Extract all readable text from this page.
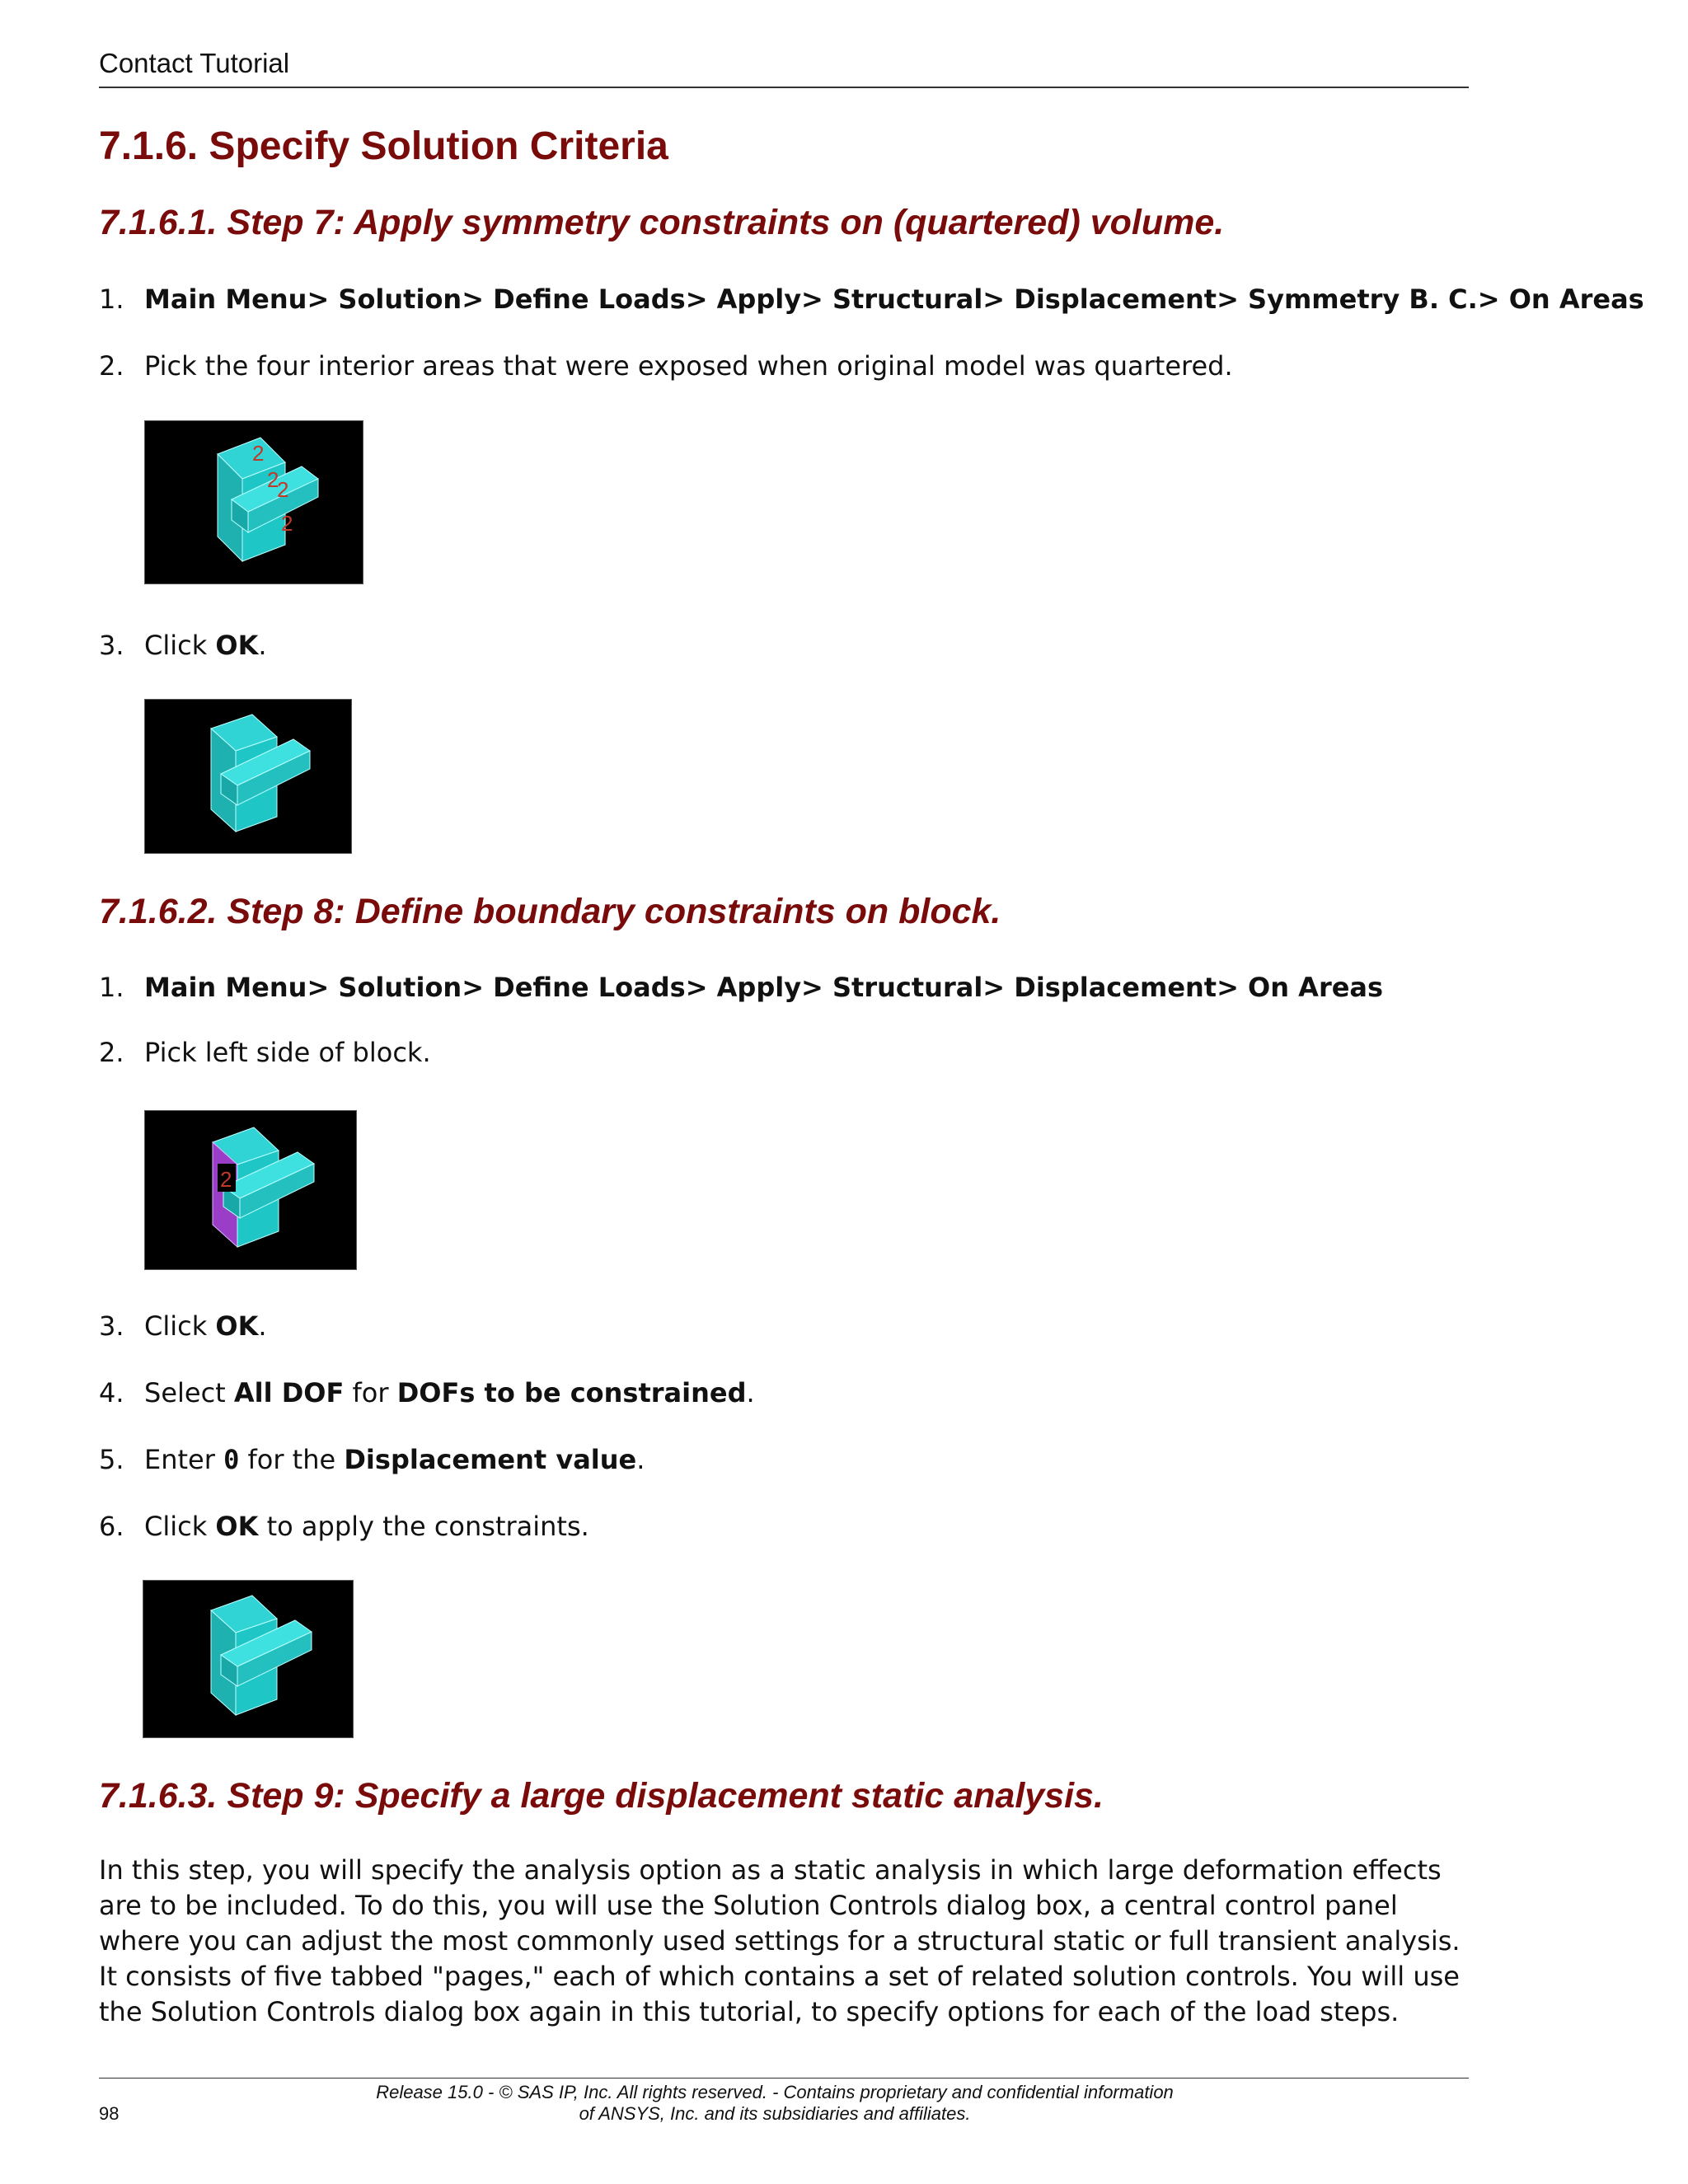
Contact Tutorial
7.1.6. Specify Solution Criteria
7.1.6.1. Step 7: Apply symmetry constraints on (quartered) volume.
1. Main Menu> Solution> Define Loads> Apply> Structural> Displacement> Symmetry B. C.> On Areas
2. Pick the four interior areas that were exposed when original model was quartered.
2
2
2
2
3. Click OK.
7.1.6.2. Step 8: Define boundary constraints on block.
1. Main Menu> Solution> Define Loads> Apply> Structural> Displacement> On Areas
2. Pick left side of block.
2
3. Click OK.
4. Select All DOF for DOFs to be constrained.
5. Enter 0 for the Displacement value.
6. Click OK to apply the constraints.
7.1.6.3. Step 9: Specify a large displacement static analysis.
In this step, you will specify the analysis option as a static analysis in which large deformation effects are to be included. To do this, you will use the Solution Controls dialog box, a central control panel where you can adjust the most commonly used settings for a structural static or full transient analysis. It consists of five tabbed "pages," each of which contains a set of related solution controls. You will use the Solution Controls dialog box again in this tutorial, to specify options for each of the load steps.
Release 15.0 - © SAS IP, Inc. All rights reserved. - Contains proprietary and confidential information
of ANSYS, Inc. and its subsidiaries and affiliates.
98
